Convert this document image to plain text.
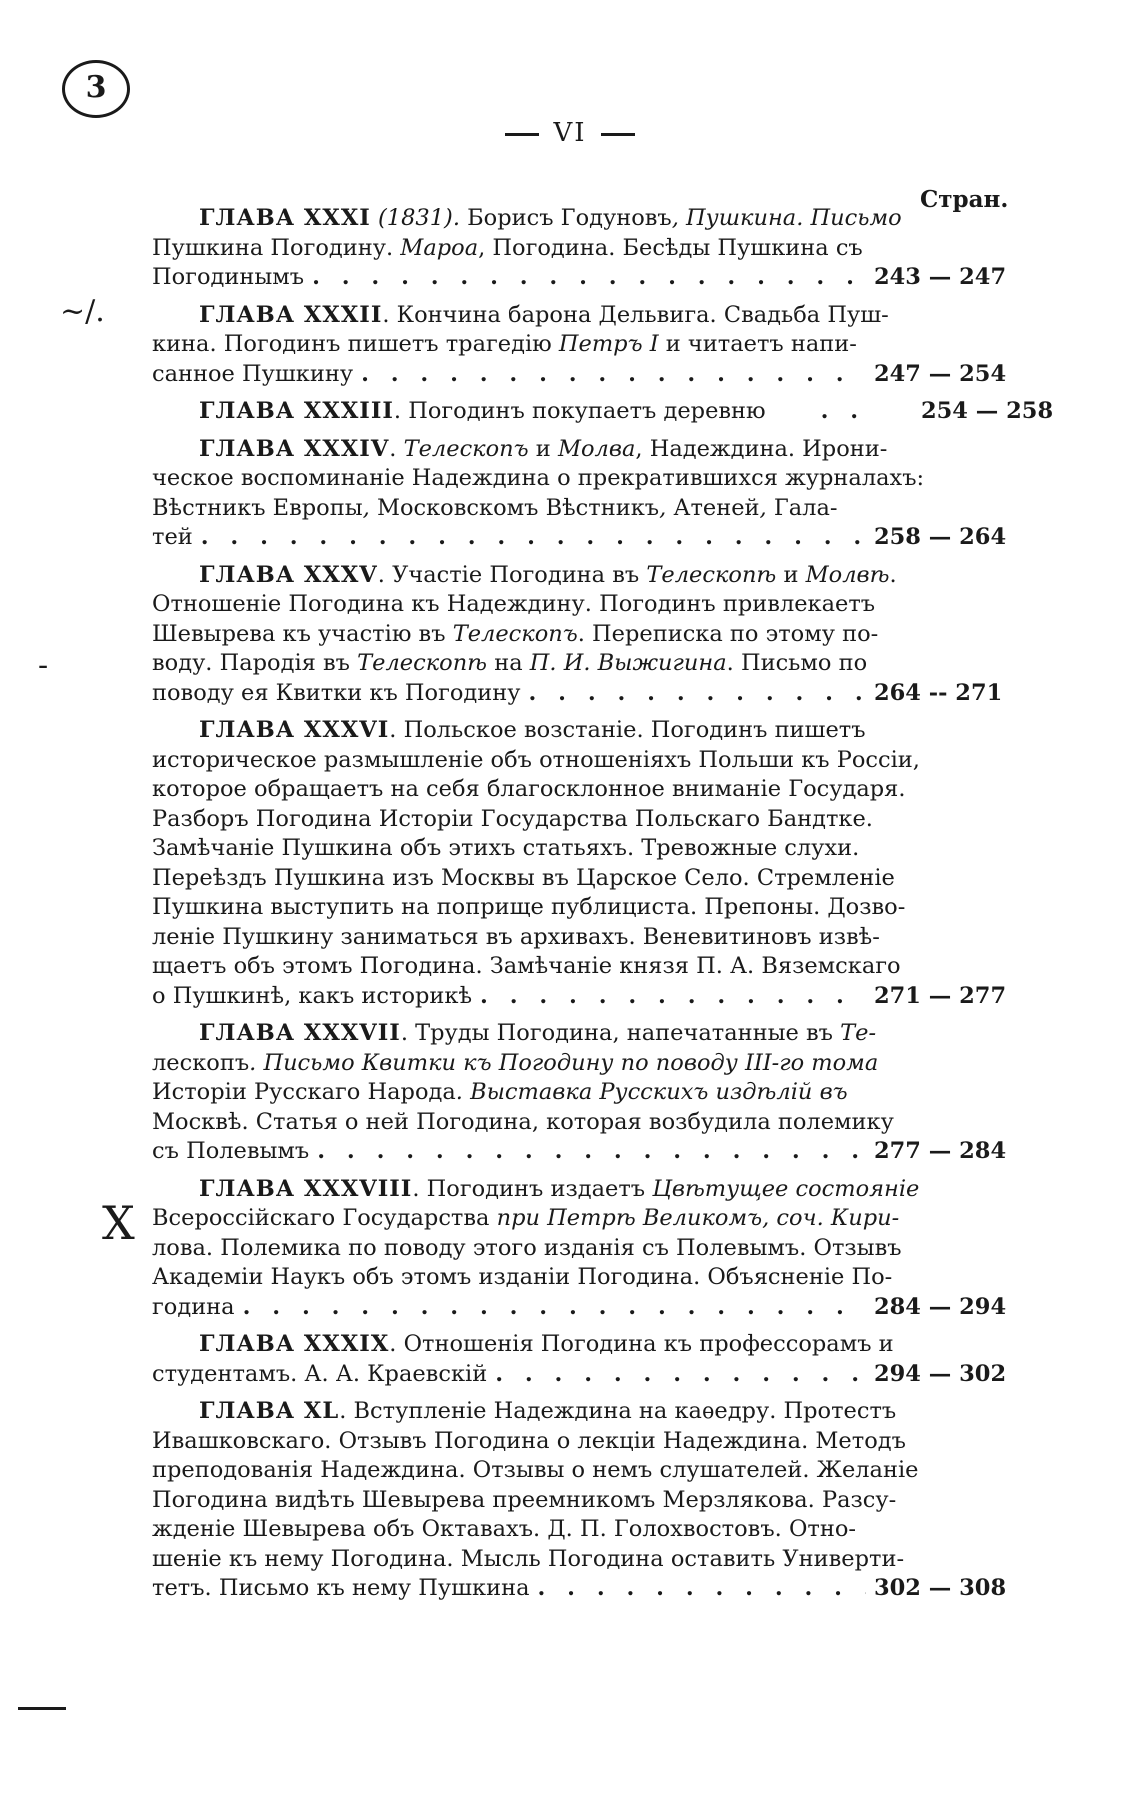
3
VI
Стран.
~/.
-
X

ГЛАВА XXXI (1831). Борисъ Годуновъ, Пушкина. Письмо

Пушкина Погодину. Мароа, Погодина. Бесѣды Пушкина съ

Погодинымъ . . .	243 — 247

ГЛАВА XXXII. Кончина барона Дельвига. Свадьба Пуш-

кина. Погодинъ пишетъ трагедію Петръ I и читаетъ напи-

санное Пушкину . . .	247 — 254

ГЛАВА XXXIII. Погодинъ покупаетъ деревню . . .	254 — 258

ГЛАВА XXXIV. Телескопъ и Молва, Надеждина. Ирони-

ческое воспоминаніе Надеждина о прекратившихся журналахъ:

Вѣстникъ Европы, Московскомъ Вѣстникъ, Атеней, Гала-

тей . . .	258 — 264

ГЛАВА XXXV. Участіе Погодина въ Телескопѣ и Молвѣ.

Отношеніе Погодина къ Надеждину. Погодинъ привлекаетъ

Шевырева къ участію въ Телескопъ. Переписка по этому по-

воду. Пародія въ Телескопѣ на П. И. Выжигина. Письмо по

поводу ея Квитки къ Погодину . . .	264 -- 271

ГЛАВА XXXVI. Польское возстаніе. Погодинъ пишетъ

историческое размышленіе объ отношеніяхъ Польши къ Россіи,

которое обращаетъ на себя благосклонное вниманіе Государя.

Разборъ Погодина Исторіи Государства Польскаго Бандтке.

Замѣчаніе Пушкина объ этихъ статьяхъ. Тревожные слухи.

Переѣздъ Пушкина изъ Москвы въ Царское Село. Стремленіе

Пушкина выступить на поприще публициста. Препоны. Дозво-

леніе Пушкину заниматься въ архивахъ. Веневитиновъ извѣ-

щаетъ объ этомъ Погодина. Замѣчаніе князя П. А. Вяземскаго

о Пушкинѣ, какъ историкѣ . . .	271 — 277

ГЛАВА XXXVII. Труды Погодина, напечатанные въ Те-

лескопъ. Письмо Квитки къ Погодину по поводу III-го тома

Исторіи Русскаго Народа. Выставка Русскихъ издѣлій въ

Москвѣ. Статья о ней Погодина, которая возбудила полемику

съ Полевымъ . . .	277 — 284

ГЛАВА XXXVIII. Погодинъ издаетъ Цвѣтущее состояніе

Всероссійскаго Государства при Петрѣ Великомъ, соч. Кири-

лова. Полемика по поводу этого изданія съ Полевымъ. Отзывъ

Академіи Наукъ объ этомъ изданіи Погодина. Объясненіе По-

година . . .	284 — 294

ГЛАВА XXXIX. Отношенія Погодина къ профессорамъ и

студентамъ. А. А. Краевскій . . .	294 — 302

ГЛАВА XL. Вступленіе Надеждина на каѳедру. Протестъ

Ивашковскаго. Отзывъ Погодина о лекціи Надеждина. Методъ

преподованія Надеждина. Отзывы о немъ слушателей. Желаніе

Погодина видѣть Шевырева преемникомъ Мерзлякова. Разсу-

жденіе Шевырева объ Октавахъ. Д. П. Голохвостовъ. Отно-

шеніе къ нему Погодина. Мысль Погодина оставить Универти-

тетъ. Письмо къ нему Пушкина . . .	302 — 308
